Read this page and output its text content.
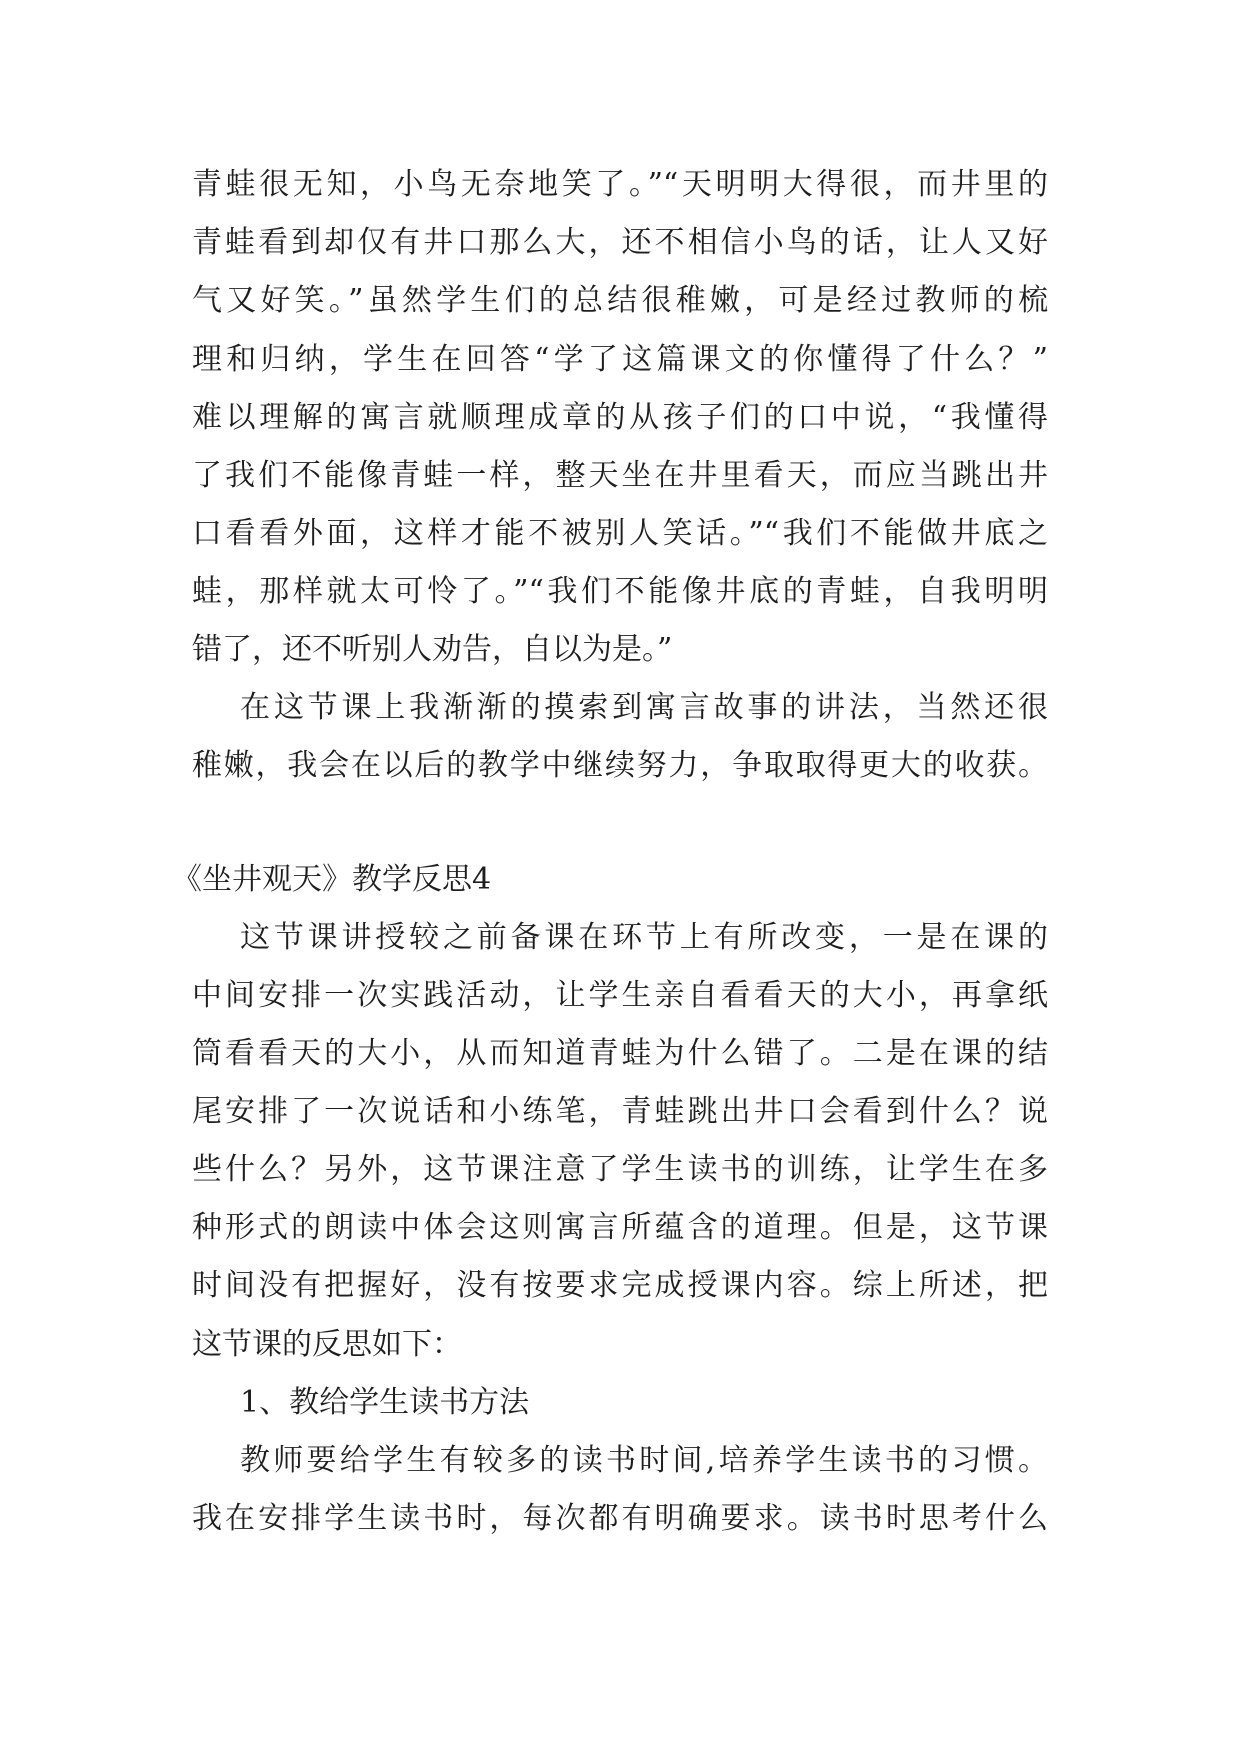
青蛙很无知，小鸟无奈地笑了。”“天明明大得很，而井里的
青蛙看到却仅有井口那么大，还不相信小鸟的话，让人又好
气又好笑。”虽然学生们的总结很稚嫩，可是经过教师的梳
理和归纳，学生在回答“学了这篇课文的你懂得了什么？”
难以理解的寓言就顺理成章的从孩子们的口中说，“我懂得
了我们不能像青蛙一样，整天坐在井里看天，而应当跳出井
口看看外面，这样才能不被别人笑话。”“我们不能做井底之
蛙，那样就太可怜了。”“我们不能像井底的青蛙，自我明明
错了，还不听别人劝告，自以为是。”
在这节课上我渐渐的摸索到寓言故事的讲法，当然还很
稚嫩，我会在以后的教学中继续努力，争取取得更大的收获。
《坐井观天》教学反思4
这节课讲授较之前备课在环节上有所改变，一是在课的
中间安排一次实践活动，让学生亲自看看天的大小，再拿纸
筒看看天的大小，从而知道青蛙为什么错了。二是在课的结
尾安排了一次说话和小练笔，青蛙跳出井口会看到什么？说
些什么？另外，这节课注意了学生读书的训练，让学生在多
种形式的朗读中体会这则寓言所蕴含的道理。但是，这节课
时间没有把握好，没有按要求完成授课内容。综上所述，把
这节课的反思如下：
1、教给学生读书方法
教师要给学生有较多的读书时间,培养学生读书的习惯。
我在安排学生读书时，每次都有明确要求。读书时思考什么
